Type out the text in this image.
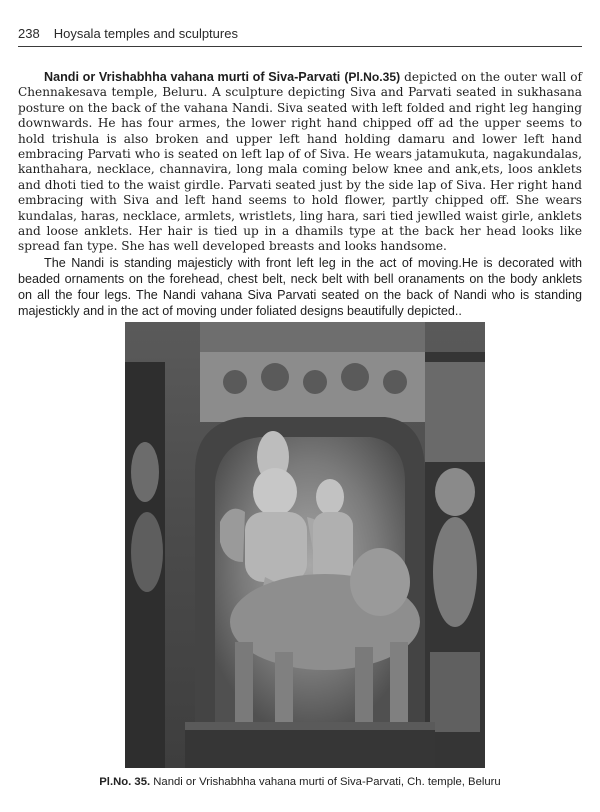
238 Hoysala temples and sculptures

Nandi or Vrishabhha vahana murti of Siva-Parvati (Pl.No.35) depicted on the outer wall of Chennakesava temple, Beluru. A sculpture depicting Siva and Parvati seated in sukhasana posture on the back of the vahana Nandi. Siva seated with left folded and right leg hanging downwards. He has four armes, the lower right hand chipped off ad the upper seems to hold trishula is also broken and upper left hand holding damaru and lower left hand embracing Parvati who is seated on left lap of of Siva. He wears jatamukuta, nagakundalas, kanthahara, necklace, channavira, long mala coming below knee and ank,ets, loos anklets and dhoti tied to the waist girdle. Parvati seated just by the side lap of Siva. Her right hand embracing with Siva and left hand seems to hold flower, partly chipped off. She wears kundalas, haras, necklace, armlets, wristlets, ling hara, sari tied jewlled waist girle, anklets and loose anklets. Her hair is tied up in a dhamils type at the back her head looks like spread fan type. She has well developed breasts and looks handsome.

The Nandi is standing majesticly with front left leg in the act of moving.He is decorated with beaded ornaments on the forehead, chest belt, neck belt with bell oranaments on the body anklets on all the four legs. The Nandi vahana Siva Parvati seated on the back of Nandi who is standing majestickly and in the act of moving under foliated designs beautifully depicted..

Pl.No. 35. Nandi or Vrishabhha vahana murti of Siva-Parvati, Ch. temple, Beluru
